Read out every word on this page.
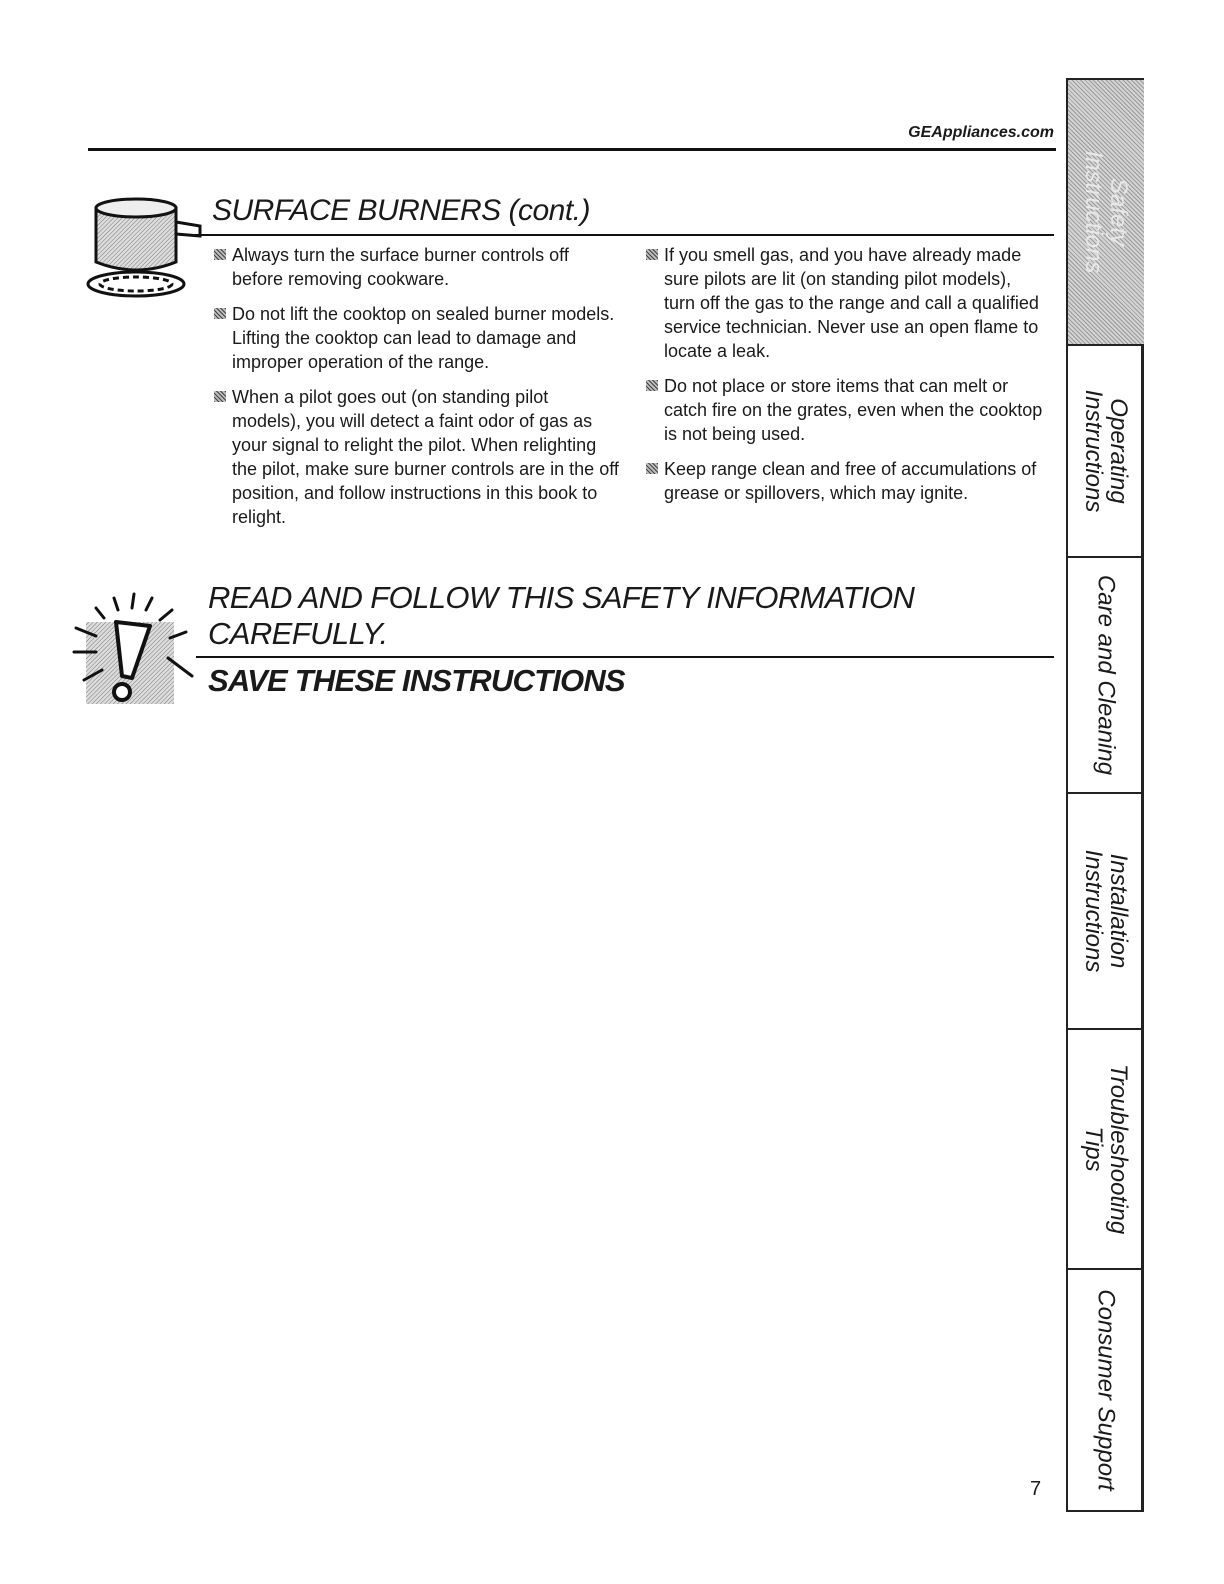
GEAppliances.com
SURFACE BURNERS (cont.)
Always turn the surface burner controls off before removing cookware.
Do not lift the cooktop on sealed burner models. Lifting the cooktop can lead to damage and improper operation of the range.
When a pilot goes out (on standing pilot models), you will detect a faint odor of gas as your signal to relight the pilot. When relighting the pilot, make sure burner controls are in the off position, and follow instructions in this book to relight.
If you smell gas, and you have already made sure pilots are lit (on standing pilot models), turn off the gas to the range and call a qualified service technician. Never use an open flame to locate a leak.
Do not place or store items that can melt or catch fire on the grates, even when the cooktop is not being used.
Keep range clean and free of accumulations of grease or spillovers, which may ignite.
READ AND FOLLOW THIS SAFETY INFORMATION CAREFULLY.
SAVE THESE INSTRUCTIONS
Safety
Instructions
Operating
Instructions
Care and Cleaning
Installation
Instructions
Troubleshooting
Tips
Consumer Support
7
